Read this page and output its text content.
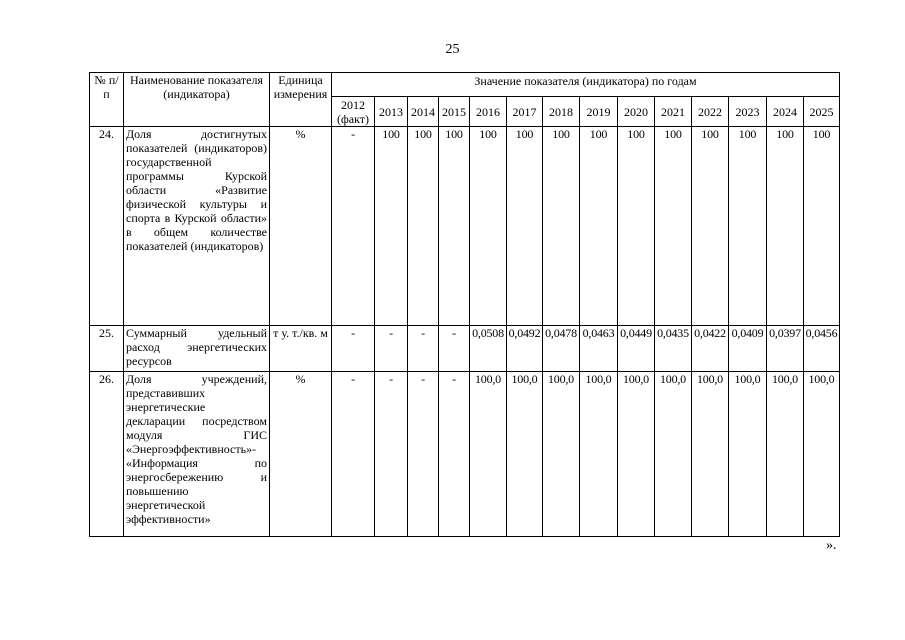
25
№ п/п	Наименование показателя (индикатора)	Единица измерения	Значение показателя (индикатора) по годам													
			2012 (факт)	2013	2014	2015	2016	2017	2018	2019	2020	2021	2022	2023	2024	2025
24.	Доля достигнутых показателей (индикаторов) государственной программы Курской области «Развитие физической культуры и спорта в Курской области» в общем количестве показателей (индикаторов)	%	-	100	100	100	100	100	100	100	100	100	100	100	100	100
25.	Суммарный удельный расход энергетических ресурсов	т у. т./кв. м	-	-	-	-	0,0508	0,0492	0,0478	0,0463	0,0449	0,0435	0,0422	0,0409	0,0397	0,0456
26.	Доля учреждений, представивших энергетические декларации посредством модуля ГИС «Энергоэффективность»- «Информация по энергосбережению и повышению энергетической эффективности»	%	-	-	-	-	100,0	100,0	100,0	100,0	100,0	100,0	100,0	100,0	100,0	100,0
».
